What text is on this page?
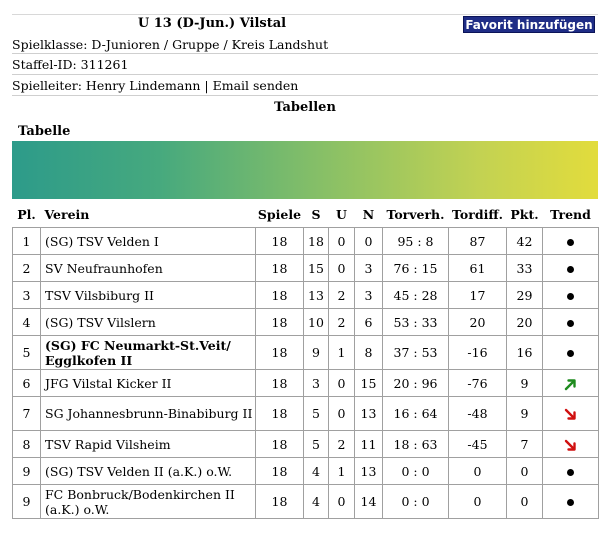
U 13 (D-Jun.) Vilstal	Favorit hinzufügen
Spielklasse: D-Junioren / Gruppe / Kreis Landshut
Staffel-ID: 311261
Spielleiter: Henry Lindemann | Email senden
Tabellen
Tabelle
Pl.	Verein	Spiele	S	U	N	Torverh.	Tordiff.	Pkt.	Trend
1	(SG) TSV Velden I	18	18	0	0	95 : 8	87	42	
2	SV Neufraunhofen	18	15	0	3	76 : 15	61	33	
3	TSV Vilsbiburg II	18	13	2	3	45 : 28	17	29	
4	(SG) TSV Vilslern	18	10	2	6	53 : 33	20	20	
5	(SG) FC Neumarkt-St.Veit/ Egglkofen II	18	9	1	8	37 : 53	-16	16	
6	JFG Vilstal Kicker II	18	3	0	15	20 : 96	-76	9	
7	SG Johannesbrunn-Binabiburg II	18	5	0	13	16 : 64	-48	9	
8	TSV Rapid Vilsheim	18	5	2	11	18 : 63	-45	7	
9	(SG) TSV Velden II (a.K.) o.W.	18	4	1	13	0 : 0	0	0	
9	FC Bonbruck/Bodenkirchen II (a.K.) o.W.	18	4	0	14	0 : 0	0	0	
